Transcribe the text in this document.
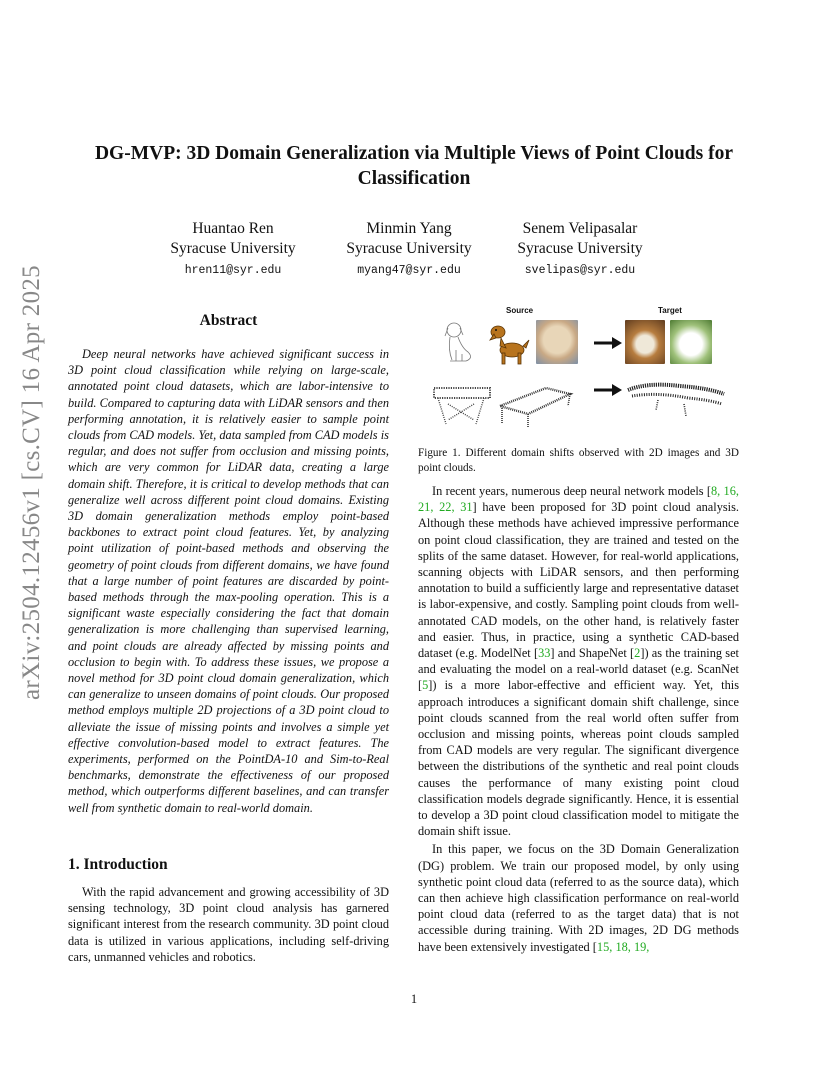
arXiv:2504.12456v1 [cs.CV] 16 Apr 2025
DG-MVP: 3D Domain Generalization via Multiple Views of Point Clouds for Classification
Huantao Ren
Syracuse University
hren11@syr.edu
Minmin Yang
Syracuse University
myang47@syr.edu
Senem Velipasalar
Syracuse University
svelipas@syr.edu
Abstract
Deep neural networks have achieved significant success in 3D point cloud classification while relying on large-scale, annotated point cloud datasets, which are labor-intensive to build. Compared to capturing data with LiDAR sensors and then performing annotation, it is relatively easier to sample point clouds from CAD models. Yet, data sampled from CAD models is regular, and does not suffer from occlusion and missing points, which are very common for LiDAR data, creating a large domain shift. Therefore, it is critical to develop methods that can generalize well across different point cloud domains. Existing 3D domain generalization methods employ point-based backbones to extract point cloud features. Yet, by analyzing point utilization of point-based methods and observing the geometry of point clouds from different domains, we have found that a large number of point features are discarded by point-based methods through the max-pooling operation. This is a significant waste especially considering the fact that domain generalization is more challenging than supervised learning, and point clouds are already affected by missing points and occlusion to begin with. To address these issues, we propose a novel method for 3D point cloud domain generalization, which can generalize to unseen domains of point clouds. Our proposed method employs multiple 2D projections of a 3D point cloud to alleviate the issue of missing points and involves a simple yet effective convolution-based model to extract features. The experiments, performed on the PointDA-10 and Sim-to-Real benchmarks, demonstrate the effectiveness of our proposed method, which outperforms different baselines, and can transfer well from synthetic domain to real-world domain.
1. Introduction
With the rapid advancement and growing accessibility of 3D sensing technology, 3D point cloud analysis has garnered significant interest from the research community. 3D point cloud data is utilized in various applications, including self-driving cars, unmanned vehicles and robotics.
Source	Target
Figure 1. Different domain shifts observed with 2D images and 3D point clouds.

In recent years, numerous deep neural network models [8, 16, 21, 22, 31] have been proposed for 3D point cloud analysis. Although these methods have achieved impressive performance on point cloud classification, they are trained and tested on the splits of the same dataset. However, for real-world applications, scanning objects with LiDAR sensors, and then performing annotation to build a sufficiently large and representative dataset is labor-expensive, and costly. Sampling point clouds from well-annotated CAD models, on the other hand, is relatively faster and easier. Thus, in practice, using a synthetic CAD-based dataset (e.g. ModelNet [33] and ShapeNet [2]) as the training set and evaluating the model on a real-world dataset (e.g. ScanNet [5]) is a more labor-effective and efficient way. Yet, this approach introduces a significant domain shift challenge, since point clouds scanned from the real world often suffer from occlusion and missing points, whereas point clouds sampled from CAD models are very regular. The significant divergence between the distributions of the synthetic and real point clouds causes the performance of many existing point cloud classification models degrade significantly. Hence, it is essential to develop a 3D point cloud classification model to mitigate the domain shift issue.

In this paper, we focus on the 3D Domain Generalization (DG) problem. We train our proposed model, by only using synthetic point cloud data (referred to as the source data), which can then achieve high classification performance on real-world point cloud data (referred to as the target data) that is not accessible during training. With 2D images, 2D DG methods have been extensively investigated [15, 18, 19,

1
